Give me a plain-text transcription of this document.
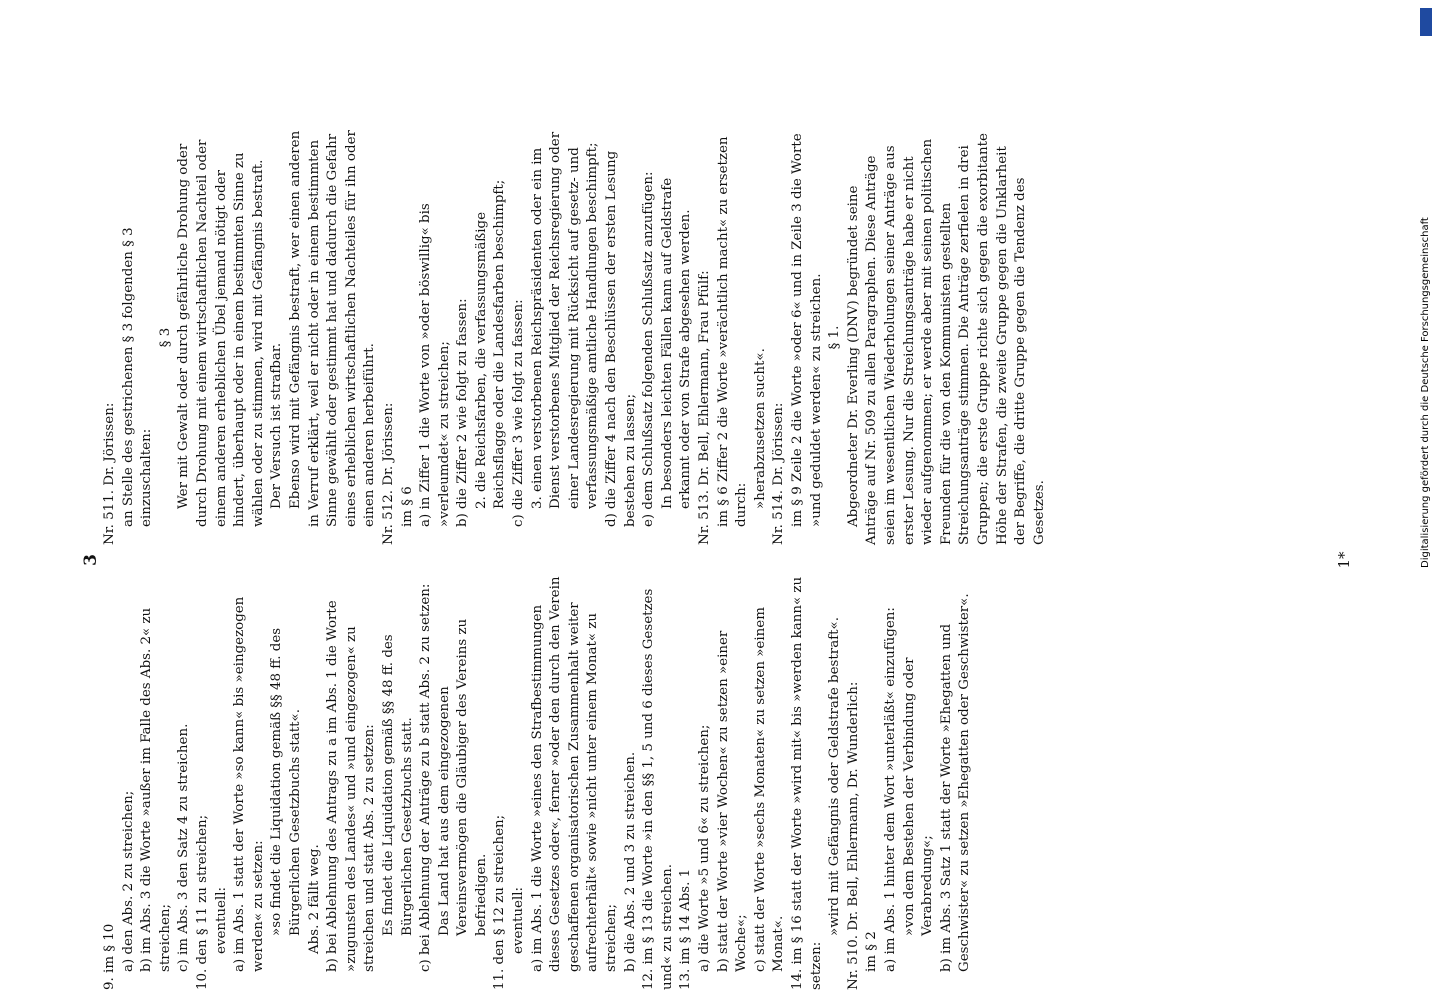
3

9. im § 10 a) den Abs. 2 zu streichen; b) im Abs. 3 die Worte »außer im Falle des Abs. 2« zu streichen; c) im Abs. 3 den Satz 4 zu streichen. 10. den § 11 zu streichen; eventuell: a) im Abs. 1 statt der Worte »so kann« bis »eingezogen werden« zu setzen: »so findet die Liquidation gemäß §§ 48 ff. des Bürgerlichen Gesetzbuchs statt«. Abs. 2 fällt weg. b) bei Ablehnung des Antrags zu a im Abs. 1 die Worte »zugunsten des Landes« und »und eingezogen« zu streichen und statt Abs. 2 zu setzen: Es findet die Liquidation gemäß §§ 48 ff. des Bürgerlichen Gesetzbuchs statt. c) bei Ablehnung der Anträge zu b statt Abs. 2 zu setzen: Das Land hat aus dem eingezogenen Vereinsvermögen die Gläubiger des Vereins zu befriedigen. 11. den § 12 zu streichen; eventuell: a) im Abs. 1 die Worte »eines den Strafbestimmungen dieses Gesetzes oder«, ferner »oder den durch den Verein geschaffenen organisatorischen Zusammenhalt weiter aufrechterhält« sowie »nicht unter einem Monat« zu streichen; b) die Abs. 2 und 3 zu streichen. 12. im § 13 die Worte »in den §§ 1, 5 und 6 dieses Gesetzes und« zu streichen. 13. im § 14 Abs. 1 a) die Worte »5 und 6« zu streichen; b) statt der Worte »vier Wochen« zu setzen »einer Woche«; c) statt der Worte »sechs Monaten« zu setzen »einem Monat«. 14. im § 16 statt der Worte »wird mit« bis »werden kann« zu setzen:

»wird mit Gefängnis oder Geldstrafe bestraft«. Nr. 510. Dr. Bell, Ehlermann, Dr. Wunderlich: im § 2 a) im Abs. 1 hinter dem Wort »unterläßt« einzufügen: »von dem Bestehen der Verbindung oder Verabredung«; b) im Abs. 3 Satz 1 statt der Worte »Ehegatten und Geschwister« zu setzen »Ehegatten oder Geschwister«.

Nr. 511. Dr. Jörissen: an Stelle des gestrichenen § 3 folgenden § 3 einzuschalten:

§ 3 Wer mit Gewalt oder durch gefährliche Drohung oder durch Drohung mit einem wirtschaftlichen Nachteil oder einem anderen erheblichen Übel jemand nötigt oder hindert, überhaupt oder in einem bestimmten Sinne zu wählen oder zu stimmen, wird mit Gefängnis bestraft. Der Versuch ist strafbar. Ebenso wird mit Gefängnis bestraft, wer einen anderen in Verruf erklärt, weil er nicht oder in einem bestimmten Sinne gewählt oder gestimmt hat und dadurch die Gefahr eines erheblichen wirtschaftlichen Nachteiles für ihn oder einen anderen herbeiführt. Nr. 512. Dr. Jörissen: im § 6 a) in Ziffer 1 die Worte von »oder böswillig« bis »verleumdet« zu streichen; b) die Ziffer 2 wie folgt zu fassen: 2. die Reichsfarben, die verfassungsmäßige Reichsflagge oder die Landesfarben beschimpft; c) die Ziffer 3 wie folgt zu fassen: 3. einen verstorbenen Reichspräsidenten oder ein im Dienst verstorbenes Mitglied der Reichsregierung oder einer Landesregierung mit Rücksicht auf gesetz- und verfassungsmäßige amtliche Handlungen beschimpft; d) die Ziffer 4 nach den Beschlüssen der ersten Lesung bestehen zu lassen; e) dem Schlußsatz folgenden Schlußsatz anzufügen: In besonders leichten Fällen kann auf Geldstrafe erkannt oder von Strafe abgesehen werden. Nr. 513. Dr. Bell, Ehlermann, Frau Pfülf: im § 6 Ziffer 2 die Worte »verächtlich macht« zu ersetzen durch: »herabzusetzen sucht«. Nr. 514. Dr. Jörissen: im § 9 Zeile 2 die Worte »oder 6« und in Zeile 3 die Worte »und geduldet werden« zu streichen. § 1. Abgeordneter Dr. Everling (DNV) begründet seine Anträge auf Nr. 509 zu allen Paragraphen. Diese Anträge seien im wesentlichen Wiederholungen seiner Anträge aus erster Lesung. Nur die Streichungsanträge habe er nicht wieder aufgenommen; er werde aber mit seinen politischen Freunden für die von den Kommunisten gestellten Streichungsanträge stimmen. Die Anträge zerfielen in drei Gruppen; die erste Gruppe richte sich gegen die exorbitante Höhe der Strafen, die zweite Gruppe gegen die Unklarheit der Begriffe, die dritte Gruppe gegen die Tendenz des Gesetzes.

1*	Digitalisierung gefördert durch die Deutsche Forschungsgemeinschaft
